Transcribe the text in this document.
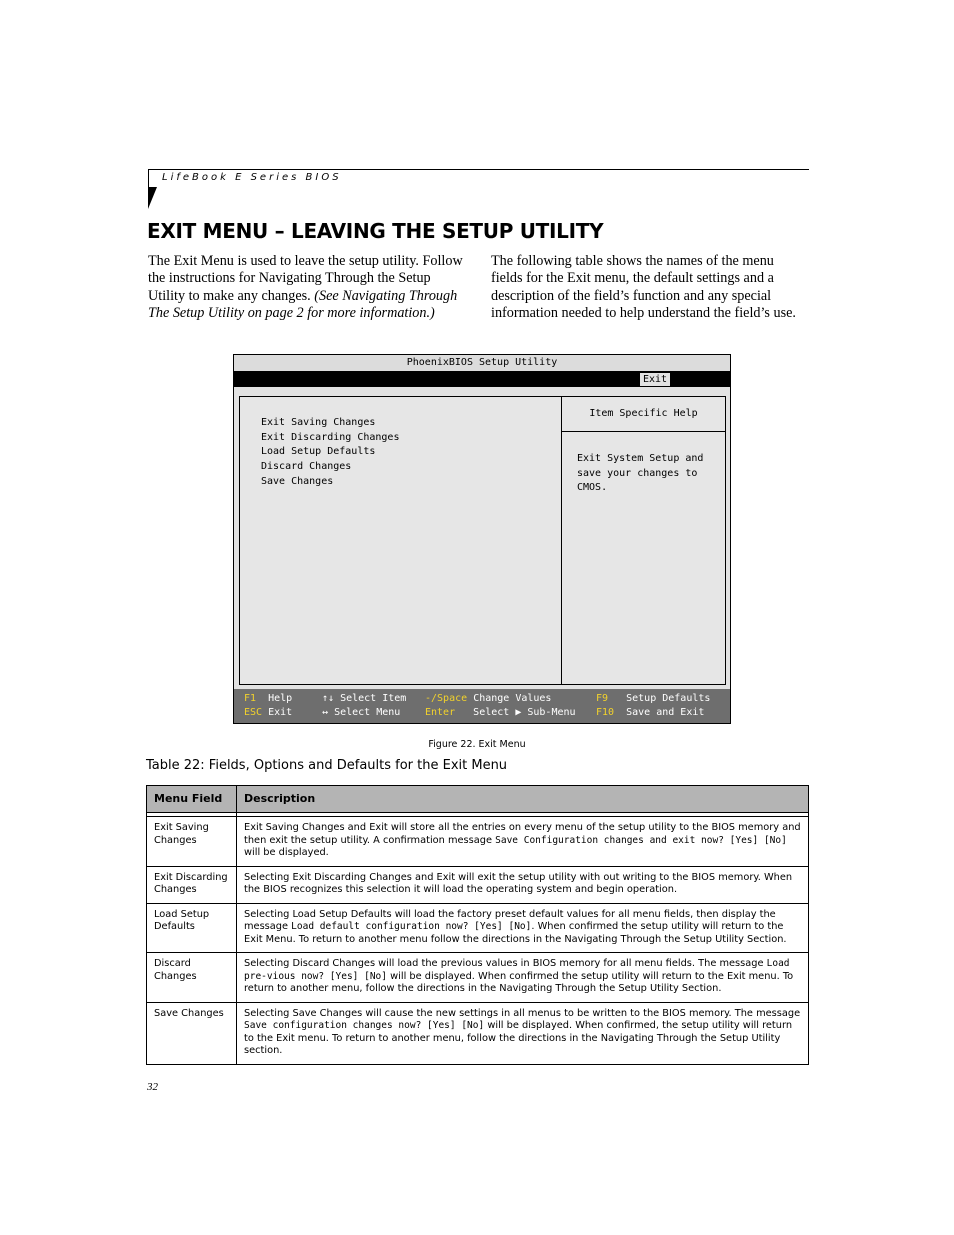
LifeBook E Series BIOS
EXIT MENU – LEAVING THE SETUP UTILITY
The Exit Menu is used to leave the setup utility. Follow the instructions for Navigating Through the Setup Utility to make any changes. (See Navigating Through The Setup Utility on page 2 for more information.)
The following table shows the names of the menu fields for the Exit menu, the default settings and a description of the field’s function and any special information needed to help understand the field’s use.
PhoenixBIOS Setup Utility
Exit
Exit Saving Changes
Exit Discarding Changes
Load Setup Defaults
Discard Changes
Save Changes
Item Specific Help
Exit System Setup and
save your changes to
CMOS.
F1 Help	↑↓ Select Item -/Space Change Values	F9 Setup Defaults
ESC Exit	↔ Select Menu Enter Select ▶ Sub-Menu F10 Save and Exit
Figure 22. Exit Menu
Table 22: Fields, Options and Defaults for the Exit Menu
Menu Field	Description

Exit Saving Changes	Exit Saving Changes and Exit will store all the entries on every menu of the setup utility to the BIOS memory and then exit the setup utility. A confirmation message Save Configuration changes and exit now? [Yes] [No] will be displayed.
Exit Discarding Changes	Selecting Exit Discarding Changes and Exit will exit the setup utility with out writing to the BIOS memory. When the BIOS recognizes this selection it will load the operating system and begin operation.
Load Setup Defaults	Selecting Load Setup Defaults will load the factory preset default values for all menu fields, then display the message Load default configuration now? [Yes] [No]. When confirmed the setup utility will return to the Exit Menu. To return to another menu follow the directions in the Navigating Through the Setup Utility Section.
Discard Changes	Selecting Discard Changes will load the previous values in BIOS memory for all menu fields. The message Load pre-vious now? [Yes] [No] will be displayed. When confirmed the setup utility will return to the Exit menu. To return to another menu, follow the directions in the Navigating Through the Setup Utility Section.
Save Changes	Selecting Save Changes will cause the new settings in all menus to be written to the BIOS memory. The message Save configuration changes now? [Yes] [No] will be displayed. When confirmed, the setup utility will return to the Exit menu. To return to another menu, follow the directions in the Navigating Through the Setup Utility section.
32
